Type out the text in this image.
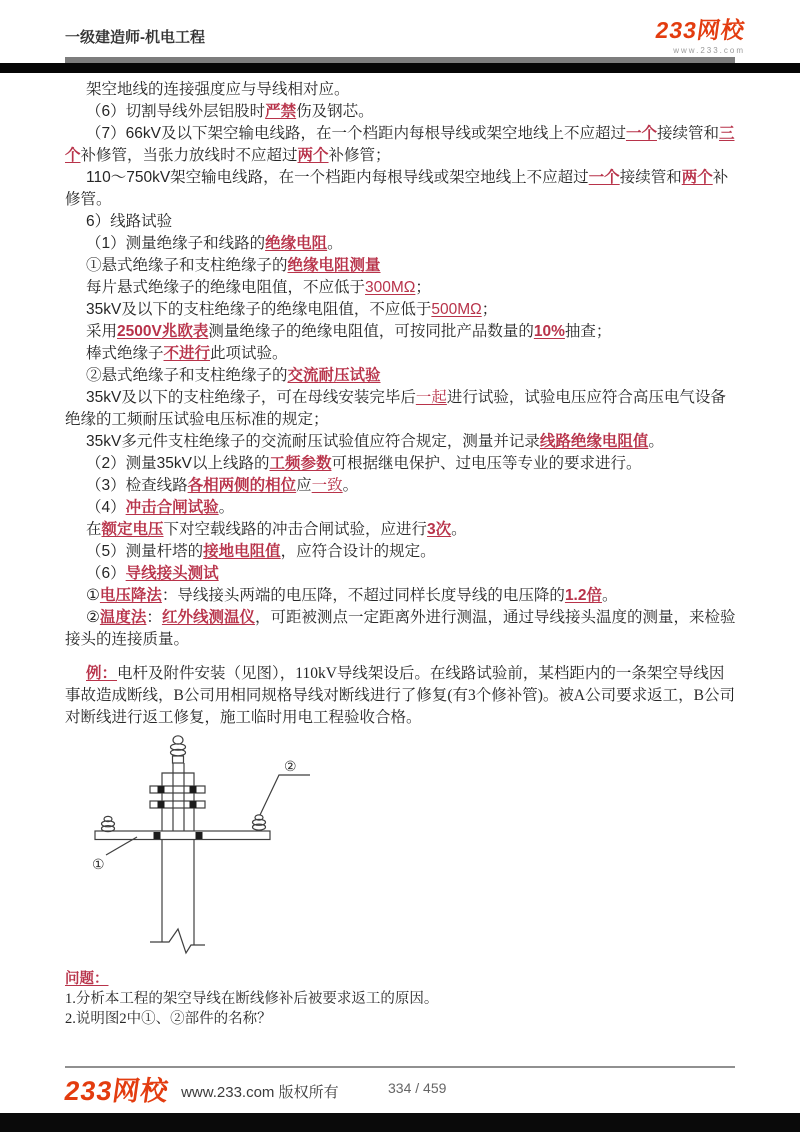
一级建造师-机电工程	233网校
www.233.com

架空地线的连接强度应与导线相对应。

（6）切割导线外层铝股时严禁伤及钢芯。

（7）66kV及以下架空输电线路，在一个档距内每根导线或架空地线上不应超过一个接续管和三个补修管，当张力放线时不应超过两个补修管；

110～750kV架空输电线路，在一个档距内每根导线或架空地线上不应超过一个接续管和两个补修管。

6）线路试验

（1）测量绝缘子和线路的绝缘电阻。

①悬式绝缘子和支柱绝缘子的绝缘电阻测量

每片悬式绝缘子的绝缘电阻值，不应低于300MΩ；

35kV及以下的支柱绝缘子的绝缘电阻值，不应低于500MΩ；

采用2500V兆欧表测量绝缘子的绝缘电阻值，可按同批产品数量的10%抽查；

棒式绝缘子不进行此项试验。

②悬式绝缘子和支柱绝缘子的交流耐压试验

35kV及以下的支柱绝缘子，可在母线安装完毕后一起进行试验，试验电压应符合高压电气设备绝缘的工频耐压试验电压标准的规定；

35kV多元件支柱绝缘子的交流耐压试验值应符合规定，测量并记录线路绝缘电阻值。

（2）测量35kV以上线路的工频参数可根据继电保护、过电压等专业的要求进行。

（3）检查线路各相两侧的相位应一致。

（4）冲击合闸试验。

在额定电压下对空载线路的冲击合闸试验，应进行3次。

（5）测量杆塔的接地电阻值，应符合设计的规定。

（6）导线接头测试

①电压降法：导线接头两端的电压降，不超过同样长度导线的电压降的1.2倍。

②温度法：红外线测温仪，可距被测点一定距离外进行测温，通过导线接头温度的测量，来检验接头的连接质量。

例：电杆及附件安装（见图），110kV导线架设后。在线路试验前，某档距内的一条架空导线因事故造成断线，B公司用相同规格导线对断线进行了修复(有3个修补管)。被A公司要求返工，B公司对断线进行返工修复，施工临时用电工程验收合格。

①
②

问题：

1.分析本工程的架空导线在断线修补后被要求返工的原因。

2.说明图2中①、②部件的名称？

233网校 www.233.com 版权所有	334 / 459
